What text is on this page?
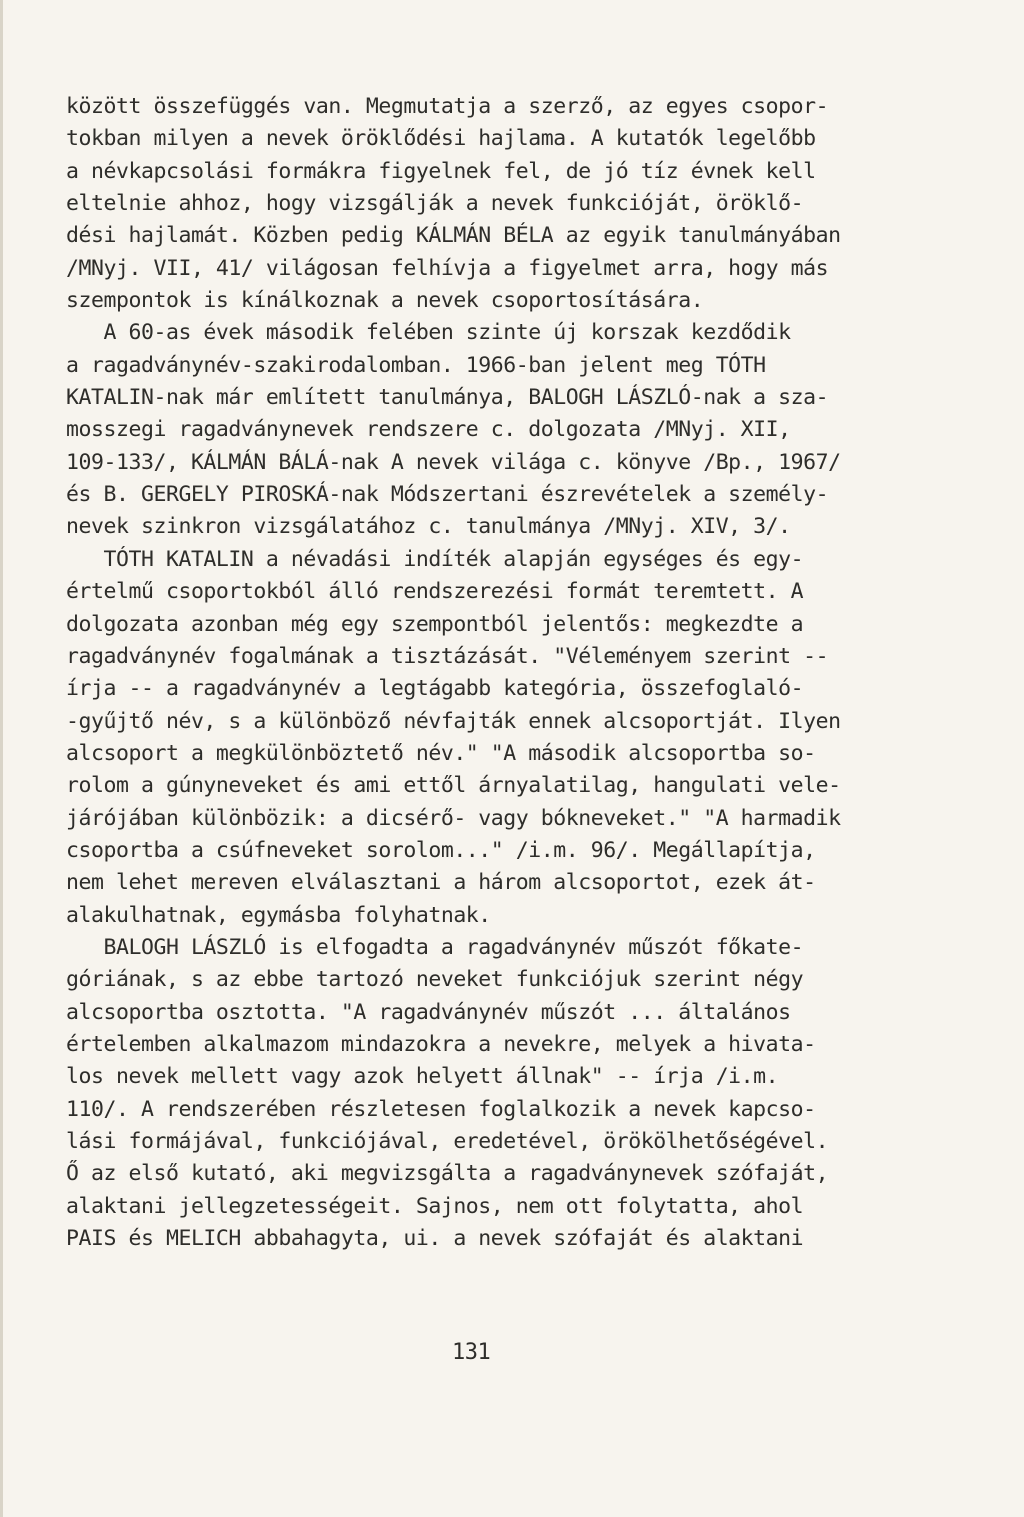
között összefüggés van. Megmutatja a szerző, az egyes csopor-
tokban milyen a nevek öröklődési hajlama. A kutatók legelőbb
a névkapcsolási formákra figyelnek fel, de jó tíz évnek kell
eltelnie ahhoz, hogy vizsgálják a nevek funkcióját, öröklő-
dési hajlamát. Közben pedig KÁLMÁN BÉLA az egyik tanulmányában
/MNyj. VII, 41/ világosan felhívja a figyelmet arra, hogy más
szempontok is kínálkoznak a nevek csoportosítására.
A 60-as évek második felében szinte új korszak kezdődik
a ragadványnév-szakirodalomban. 1966-ban jelent meg TÓTH
KATALIN-nak már említett tanulmánya, BALOGH LÁSZLÓ-nak a sza-
mosszegi ragadványnevek rendszere c. dolgozata /MNyj. XII,
109-133/, KÁLMÁN BÁLÁ-nak A nevek világa c. könyve /Bp., 1967/
és B. GERGELY PIROSKÁ-nak Módszertani észrevételek a személy-
nevek szinkron vizsgálatához c. tanulmánya /MNyj. XIV, 3/.
TÓTH KATALIN a névadási indíték alapján egységes és egy-
értelmű csoportokból álló rendszerezési formát teremtett. A
dolgozata azonban még egy szempontból jelentős: megkezdte a
ragadványnév fogalmának a tisztázását. "Véleményem szerint --
írja -- a ragadványnév a legtágabb kategória, összefoglaló-
-gyűjtő név, s a különböző névfajták ennek alcsoportját. Ilyen
alcsoport a megkülönböztető név." "A második alcsoportba so-
rolom a gúnyneveket és ami ettől árnyalatilag, hangulati vele-
járójában különbözik: a dicsérő- vagy bókneveket." "A harmadik
csoportba a csúfneveket sorolom..." /i.m. 96/. Megállapítja,
nem lehet mereven elválasztani a három alcsoportot, ezek át-
alakulhatnak, egymásba folyhatnak.
BALOGH LÁSZLÓ is elfogadta a ragadványnév műszót főkate-
góriának, s az ebbe tartozó neveket funkciójuk szerint négy
alcsoportba osztotta. "A ragadványnév műszót ... általános
értelemben alkalmazom mindazokra a nevekre, melyek a hivata-
los nevek mellett vagy azok helyett állnak" -- írja /i.m.
110/. A rendszerében részletesen foglalkozik a nevek kapcso-
lási formájával, funkciójával, eredetével, örökölhetőségével.
Ő az első kutató, aki megvizsgálta a ragadványnevek szófaját,
alaktani jellegzetességeit. Sajnos, nem ott folytatta, ahol
PAIS és MELICH abbahagyta, ui. a nevek szófaját és alaktani
131
